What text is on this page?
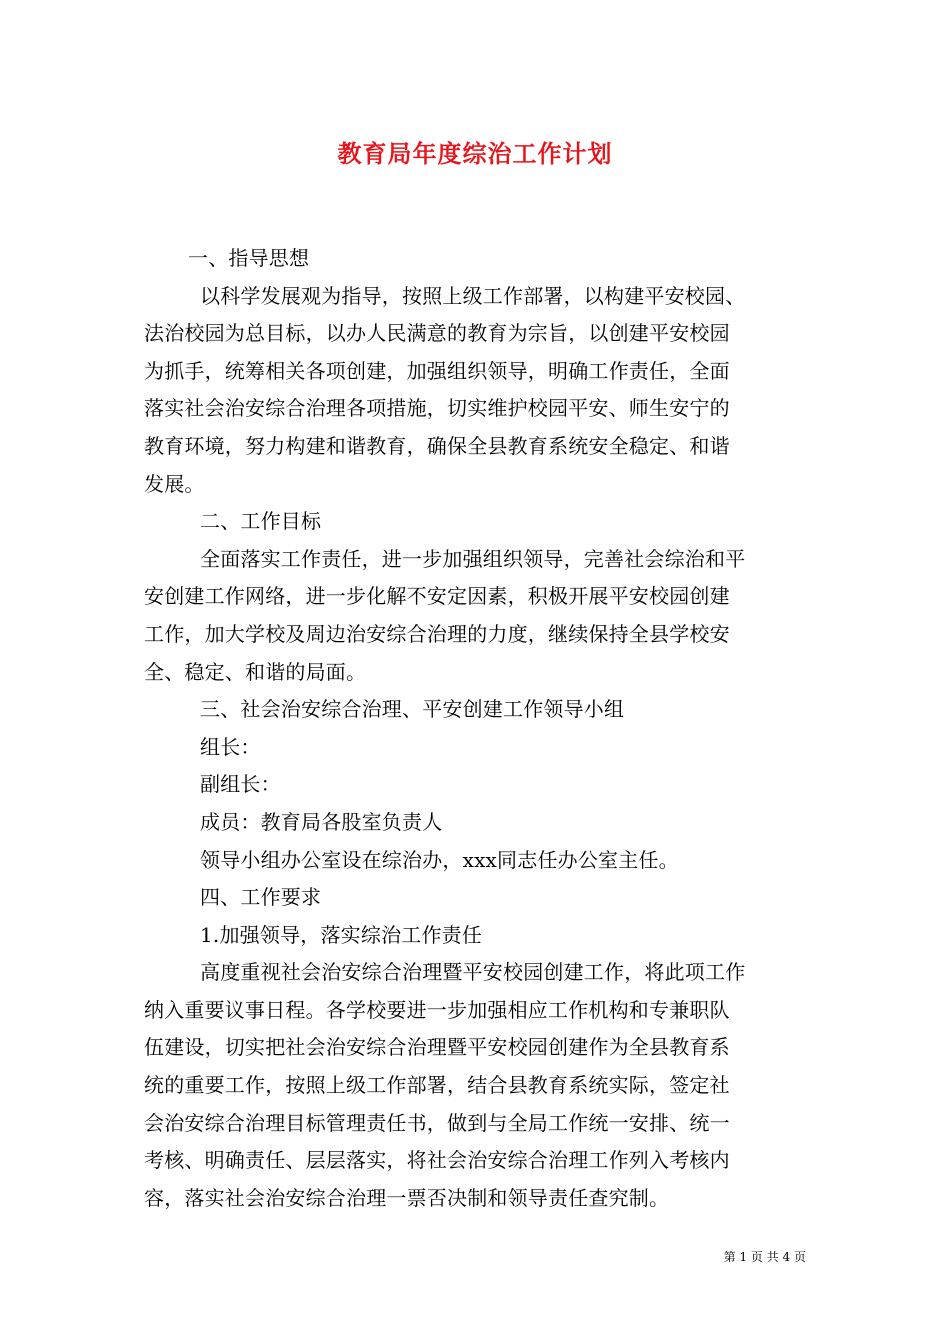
教育局年度综治工作计划
一、指导思想
以科学发展观为指导，按照上级工作部署，以构建平安校园、
法治校园为总目标，以办人民满意的教育为宗旨，以创建平安校园
为抓手，统筹相关各项创建，加强组织领导，明确工作责任，全面
落实社会治安综合治理各项措施，切实维护校园平安、师生安宁的
教育环境，努力构建和谐教育，确保全县教育系统安全稳定、和谐
发展。
二、工作目标
全面落实工作责任，进一步加强组织领导，完善社会综治和平
安创建工作网络，进一步化解不安定因素，积极开展平安校园创建
工作，加大学校及周边治安综合治理的力度，继续保持全县学校安
全、稳定、和谐的局面。
三、社会治安综合治理、平安创建工作领导小组
组长：
副组长：
成员：教育局各股室负责人
领导小组办公室设在综治办，xxx同志任办公室主任。
四、工作要求
1.加强领导，落实综治工作责任
高度重视社会治安综合治理暨平安校园创建工作，将此项工作
纳入重要议事日程。各学校要进一步加强相应工作机构和专兼职队
伍建设，切实把社会治安综合治理暨平安校园创建作为全县教育系
统的重要工作，按照上级工作部署，结合县教育系统实际，签定社
会治安综合治理目标管理责任书，做到与全局工作统一安排、统一
考核、明确责任、层层落实，将社会治安综合治理工作列入考核内
容，落实社会治安综合治理一票否决制和领导责任查究制。
第 1 页 共 4 页
